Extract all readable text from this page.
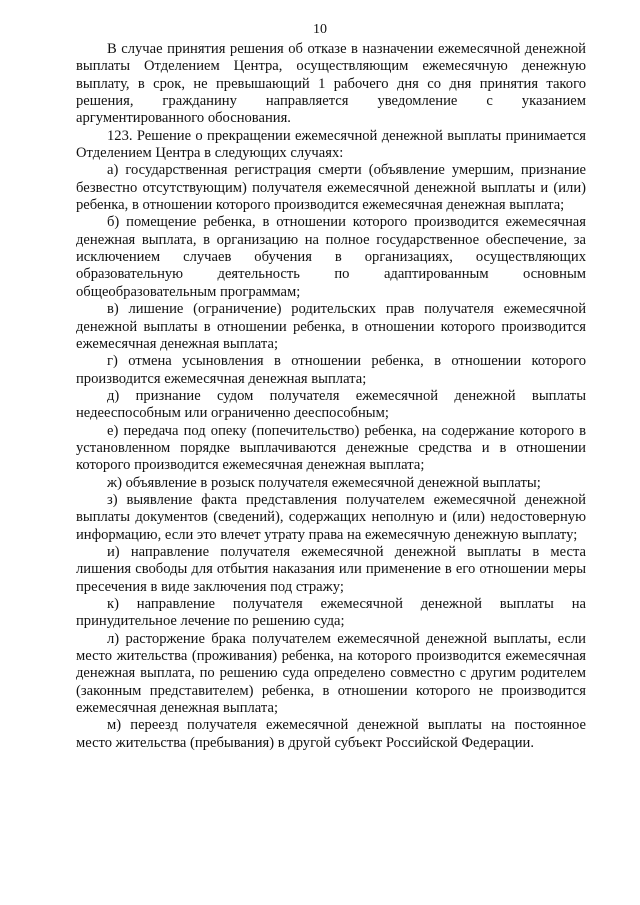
10

В случае принятия решения об отказе в назначении ежемесячной денежной выплаты Отделением Центра, осуществляющим ежемесячную денежную выплату, в срок, не превышающий 1 рабочего дня со дня принятия такого решения, гражданину направляется уведомление с указанием аргументированного обоснования.

123. Решение о прекращении ежемесячной денежной выплаты принимается Отделением Центра в следующих случаях:

а) государственная регистрация смерти (объявление умершим, признание безвестно отсутствующим) получателя ежемесячной денежной выплаты и (или) ребенка, в отношении которого производится ежемесячная денежная выплата;

б) помещение ребенка, в отношении которого производится ежемесячная денежная выплата, в организацию на полное государственное обеспечение, за исключением случаев обучения в организациях, осуществляющих образовательную деятельность по адаптированным основным общеобразовательным программам;

в) лишение (ограничение) родительских прав получателя ежемесячной денежной выплаты в отношении ребенка, в отношении которого производится ежемесячная денежная выплата;

г) отмена усыновления в отношении ребенка, в отношении которого производится ежемесячная денежная выплата;

д) признание судом получателя ежемесячной денежной выплаты недееспособным или ограниченно дееспособным;

е) передача под опеку (попечительство) ребенка, на содержание которого в установленном порядке выплачиваются денежные средства и в отношении которого производится ежемесячная денежная выплата;

ж) объявление в розыск получателя ежемесячной денежной выплаты;

з) выявление факта представления получателем ежемесячной денежной выплаты документов (сведений), содержащих неполную и (или) недостоверную информацию, если это влечет утрату права на ежемесячную денежную выплату;

и) направление получателя ежемесячной денежной выплаты в места лишения свободы для отбытия наказания или применение в его отношении меры пресечения в виде заключения под стражу;

к) направление получателя ежемесячной денежной выплаты на принудительное лечение по решению суда;

л) расторжение брака получателем ежемесячной денежной выплаты, если место жительства (проживания) ребенка, на которого производится ежемесячная денежная выплата, по решению суда определено совместно с другим родителем (законным представителем) ребенка, в отношении которого не производится ежемесячная денежная выплата;

м) переезд получателя ежемесячной денежной выплаты на постоянное место жительства (пребывания) в другой субъект Российской Федерации.
